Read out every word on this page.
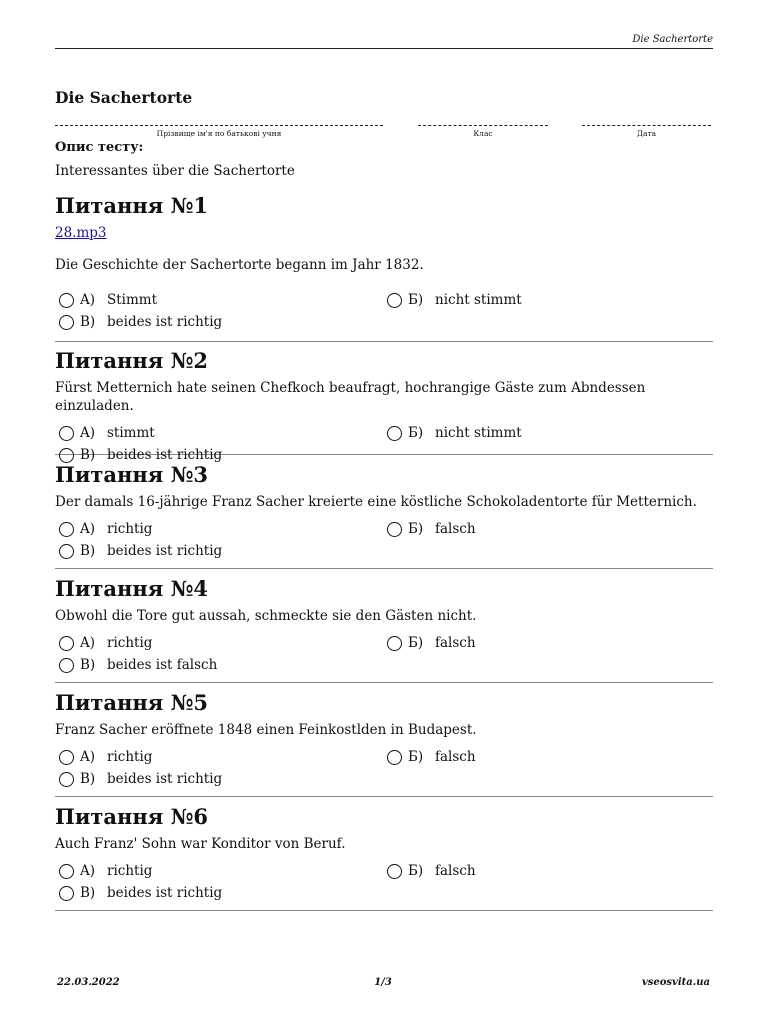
Die Sachertorte
Die Sachertorte
Прізвище ім'я по батькові учня	Клас	Дата
Опис тесту:
Interessantes über die Sachertorte
Питання №1
28.mp3
Die Geschichte der Sachertorte begann im Jahr 1832.
A) Stimmt	Б) nicht stimmt
B) beides ist richtig
Питання №2
Fürst Metternich hate seinen Chefkoch beaufragt, hochrangige Gäste zum Abndessen einzuladen.
A) stimmt	Б) nicht stimmt
B) beides ist richtig
Питання №3
Der damals 16-jährige Franz Sacher kreierte eine köstliche Schokoladentorte für Metternich.
A) richtig	Б) falsch
B) beides ist richtig
Питання №4
Obwohl die Tore gut aussah, schmeckte sie den Gästen nicht.
A) richtig	Б) falsch
B) beides ist falsch
Питання №5
Franz Sacher eröffnete 1848 einen Feinkostlden in Budapest.
A) richtig	Б) falsch
B) beides ist richtig
Питання №6
Auch Franz' Sohn war Konditor von Beruf.
A) richtig	Б) falsch
B) beides ist richtig
22.03.2022	1/3	vseosvita.ua
